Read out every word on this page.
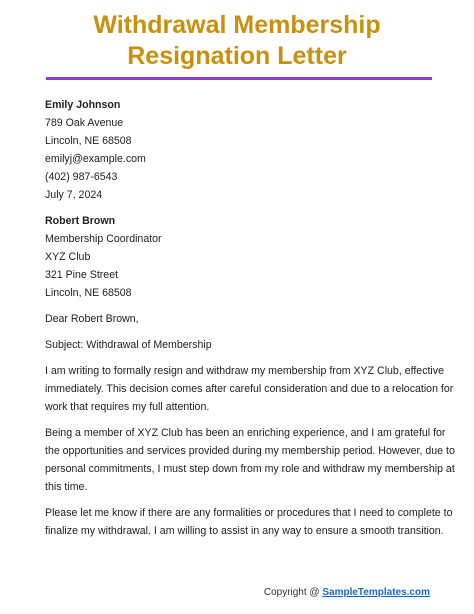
Withdrawal Membership
Resignation Letter
Emily Johnson
789 Oak Avenue
Lincoln, NE 68508
emilyj@example.com
(402) 987-6543
July 7, 2024
Robert Brown
Membership Coordinator
XYZ Club
321 Pine Street
Lincoln, NE 68508
Dear Robert Brown,
Subject: Withdrawal of Membership
I am writing to formally resign and withdraw my membership from XYZ Club, effective
immediately. This decision comes after careful consideration and due to a relocation for
work that requires my full attention.
Being a member of XYZ Club has been an enriching experience, and I am grateful for
the opportunities and services provided during my membership period. However, due to
personal commitments, I must step down from my role and withdraw my membership at
this time.
Please let me know if there are any formalities or procedures that I need to complete to
finalize my withdrawal. I am willing to assist in any way to ensure a smooth transition.
Copyright @ SampleTemplates.com
